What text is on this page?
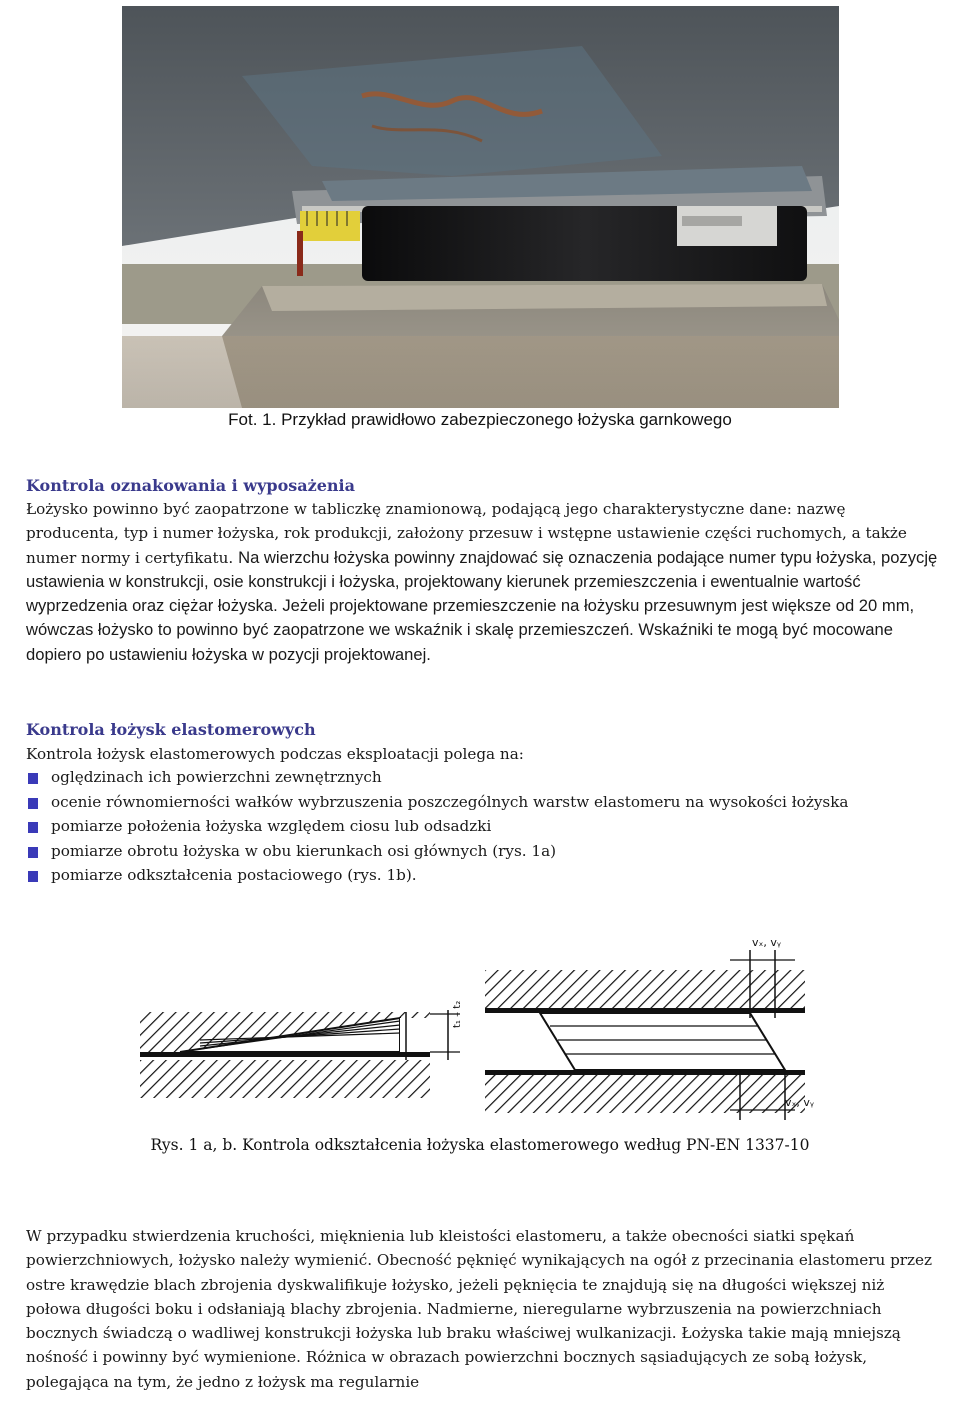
Fot. 1. Przykład prawidłowo zabezpieczonego łożyska garnkowego
Kontrola oznakowania i wyposażenia
Łożysko powinno być zaopatrzone w tabliczkę znamionową, podającą jego charakterystyczne dane: nazwę producenta, typ i numer łożyska, rok produkcji, założony przesuw i wstępne ustawienie części ruchomych, a także numer normy i certyfikatu. Na wierzchu łożyska powinny znajdować się oznaczenia podające numer typu łożyska, pozycję ustawienia w konstrukcji, osie konstrukcji i łożyska, projektowany kierunek przemieszczenia i ewentualnie wartość wyprzedzenia oraz ciężar łożyska. Jeżeli projektowane przemieszczenie na łożysku przesuwnym jest większe od 20 mm, wówczas łożysko to powinno być zaopatrzone we wskaźnik i skalę przemieszczeń. Wskaźniki te mogą być mocowane dopiero po ustawieniu łożyska w pozycji projektowanej.
Kontrola łożysk elastomerowych
Kontrola łożysk elastomerowych podczas eksploatacji polega na:
oględzinach ich powierzchni zewnętrznych
ocenie równomierności wałków wybrzuszenia poszczególnych warstw elastomeru na wysokości łożyska
pomiarze położenia łożyska względem ciosu lub odsadzki
pomiarze obrotu łożyska w obu kierunkach osi głównych (rys. 1a)
pomiarze odkształcenia postaciowego (rys. 1b).
t₁ – t₂
vₓ, vᵧ
vₓ, vᵧ
Rys. 1 a, b. Kontrola odkształcenia łożyska elastomerowego według PN-EN 1337-10
W przypadku stwierdzenia kruchości, mięknienia lub kleistości elastomeru, a także obecności siatki spękań powierzchniowych, łożysko należy wymienić. Obecność pęknięć wynikających na ogół z przecinania elastomeru przez ostre krawędzie blach zbrojenia dyskwalifikuje łożysko, jeżeli pęknięcia te znajdują się na długości większej niż połowa długości boku i odsłaniają blachy zbrojenia. Nadmierne, nieregularne wybrzuszenia na powierzchniach bocznych świadczą o wadliwej konstrukcji łożyska lub braku właściwej wulkanizacji. Łożyska takie mają mniejszą nośność i powinny być wymienione. Różnica w obrazach powierzchni bocznych sąsiadujących ze sobą łożysk, polegająca na tym, że jedno z łożysk ma regularnie
